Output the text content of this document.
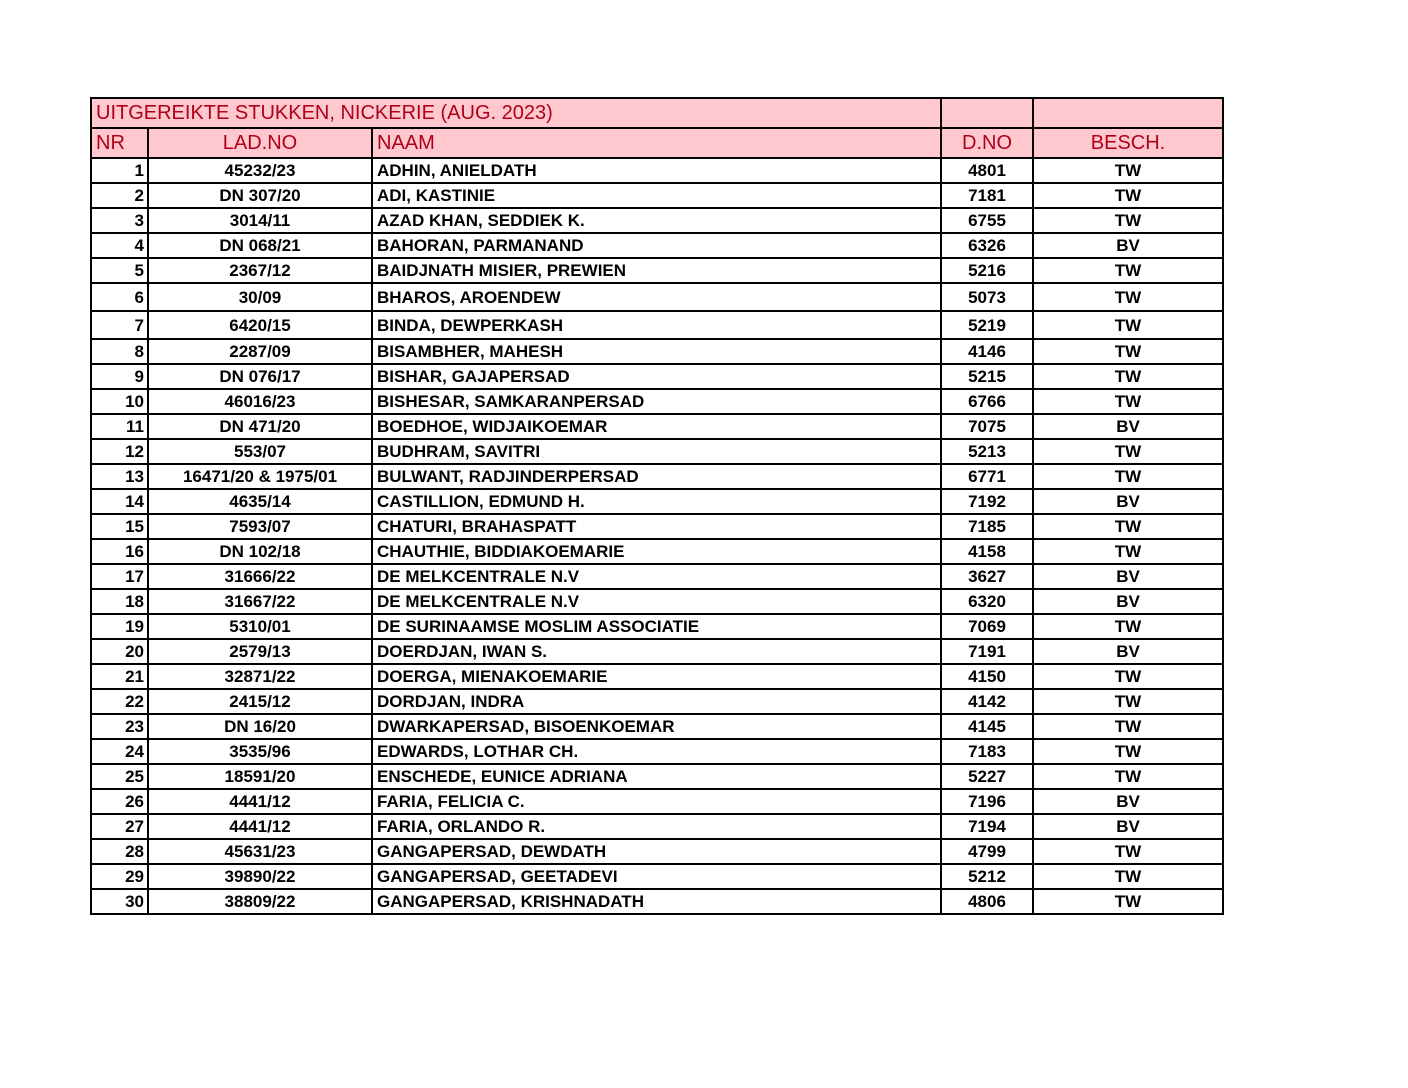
UITGEREIKTE STUKKEN, NICKERIE (AUG. 2023)				
NR	LAD.NO	NAAM	D.NO	BESCH.
1	45232/23	ADHIN, ANIELDATH	4801	TW
2	DN 307/20	ADI, KASTINIE	7181	TW
3	3014/11	AZAD KHAN, SEDDIEK K.	6755	TW
4	DN 068/21	BAHORAN, PARMANAND	6326	BV
5	2367/12	BAIDJNATH MISIER, PREWIEN	5216	TW
6	30/09	BHAROS, AROENDEW	5073	TW
7	6420/15	BINDA, DEWPERKASH	5219	TW
8	2287/09	BISAMBHER, MAHESH	4146	TW
9	DN 076/17	BISHAR, GAJAPERSAD	5215	TW
10	46016/23	BISHESAR, SAMKARANPERSAD	6766	TW
11	DN 471/20	BOEDHOE, WIDJAIKOEMAR	7075	BV
12	553/07	BUDHRAM, SAVITRI	5213	TW
13	16471/20 & 1975/01	BULWANT, RADJINDERPERSAD	6771	TW
14	4635/14	CASTILLION, EDMUND H.	7192	BV
15	7593/07	CHATURI, BRAHASPATT	7185	TW
16	DN 102/18	CHAUTHIE, BIDDIAKOEMARIE	4158	TW
17	31666/22	DE MELKCENTRALE N.V	3627	BV
18	31667/22	DE MELKCENTRALE N.V	6320	BV
19	5310/01	DE SURINAAMSE MOSLIM ASSOCIATIE	7069	TW
20	2579/13	DOERDJAN, IWAN S.	7191	BV
21	32871/22	DOERGA, MIENAKOEMARIE	4150	TW
22	2415/12	DORDJAN, INDRA	4142	TW
23	DN 16/20	DWARKAPERSAD, BISOENKOEMAR	4145	TW
24	3535/96	EDWARDS, LOTHAR CH.	7183	TW
25	18591/20	ENSCHEDE, EUNICE ADRIANA	5227	TW
26	4441/12	FARIA, FELICIA C.	7196	BV
27	4441/12	FARIA, ORLANDO R.	7194	BV
28	45631/23	GANGAPERSAD, DEWDATH	4799	TW
29	39890/22	GANGAPERSAD, GEETADEVI	5212	TW
30	38809/22	GANGAPERSAD, KRISHNADATH	4806	TW
